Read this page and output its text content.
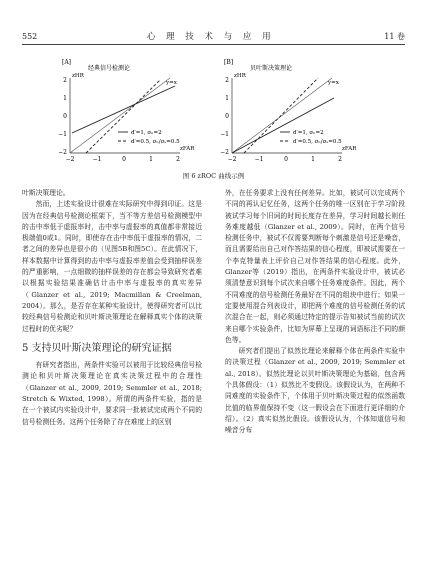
552	心 理 技 术 与 应 用	11 卷
[A]
经典信号检测论
2
1
0
−1
−2
−2	−1	0	1	2
zHR
zFAR
y=x
d′=1, σₙ=2
d′=0.5, σₙ/σₛ=0.5
[B]
贝叶斯决策理论
2
1
0
−1
−2
−2	−1	0	1	2
zHR
zFAR
y=x
d′=1, σₙ=2
d′=0.5, σₙ/σₛ=0.5
图 6 zROC 曲线示例

叶斯决策理论。

然而，上述实验设计很难在实际研究中得到印证。这是因为在经典信号检测论框架下，当不等方差信号检测模型中的击中率低于虚报率时，击中率与虚报率的真值都非常接近极端值0或1。同时，即使存在击中率低于虚报率的情况，二者之间的差异也是很小的（见图5B和图5C）。在此情况下，样本数据中计算得到的击中率与虚报率差值会受到抽样误差的严重影响，一点细微的抽样误差的存在都会导致研究者难以根据实验结果准确估计击中率与虚报率的真实差异（Glanzer et al., 2019; Macmillan & Creelman, 2004）。那么，是否存在某种实验设计，使得研究者可以比较经典信号检测论和贝叶斯决策理论在解释真实个体的决策过程时的优劣呢？

5 支持贝叶斯决策理论的研究证据

有研究者指出，两条件实验可以被用于比较经典信号检测论和贝叶斯决策理论在真实决策过程中的合理性（Glanzer et al., 2009, 2019; Semmler et al., 2018; Stretch & Wixted, 1998）。所谓的两条件实验，指的是在一个被试内实验设计中，要求同一批被试完成两个不同的信号检测任务。这两个任务除了存在难度上的区别

外，在任务要求上没有任何差异。比如，被试可以完成两个不同的再认记忆任务，这两个任务的唯一区别在于学习阶段被试学习每个旧词的时间长度存在差异，学习时间越长则任务难度越低（Glanzer et al., 2009）。同时，在两个信号检测任务中，被试不仅需要判断每个刺激是信号还是噪音，而且需要给出自己对作答结果的信心程度，即被试需要在一个李克特量表上评价自己对作答结果的信心程度。此外，Glanzer等（2019）指出，在两条件实验设计中，被试必须清楚意识到每个试次来自哪个任务难度条件。因此，两个不同难度的信号检测任务最好在不同的组块中进行；如果一定要使用混合列表设计，即把两个难度的信号检测任务的试次混合在一起，则必须通过特定的提示告知被试当前的试次来自哪个实验条件，比如为屏幕上呈现的词语标注不同的颜色等。

研究者们提出了似然比理论来解释个体在两条件实验中的决策过程（Glanzer et al., 2009, 2019; Semmler et al., 2018）。似然比理论以贝叶斯决策理论为基础，包含两个具体假设：（1）似然比不变假设。该假设认为，在两种不同难度的实验条件下，个体用于贝叶斯决策过程的似然函数比值的临界值保持不变（这一假设会在下面进行更详细的介绍）。（2）真实似然比假设。该假设认为，个体知道信号和噪音分布
